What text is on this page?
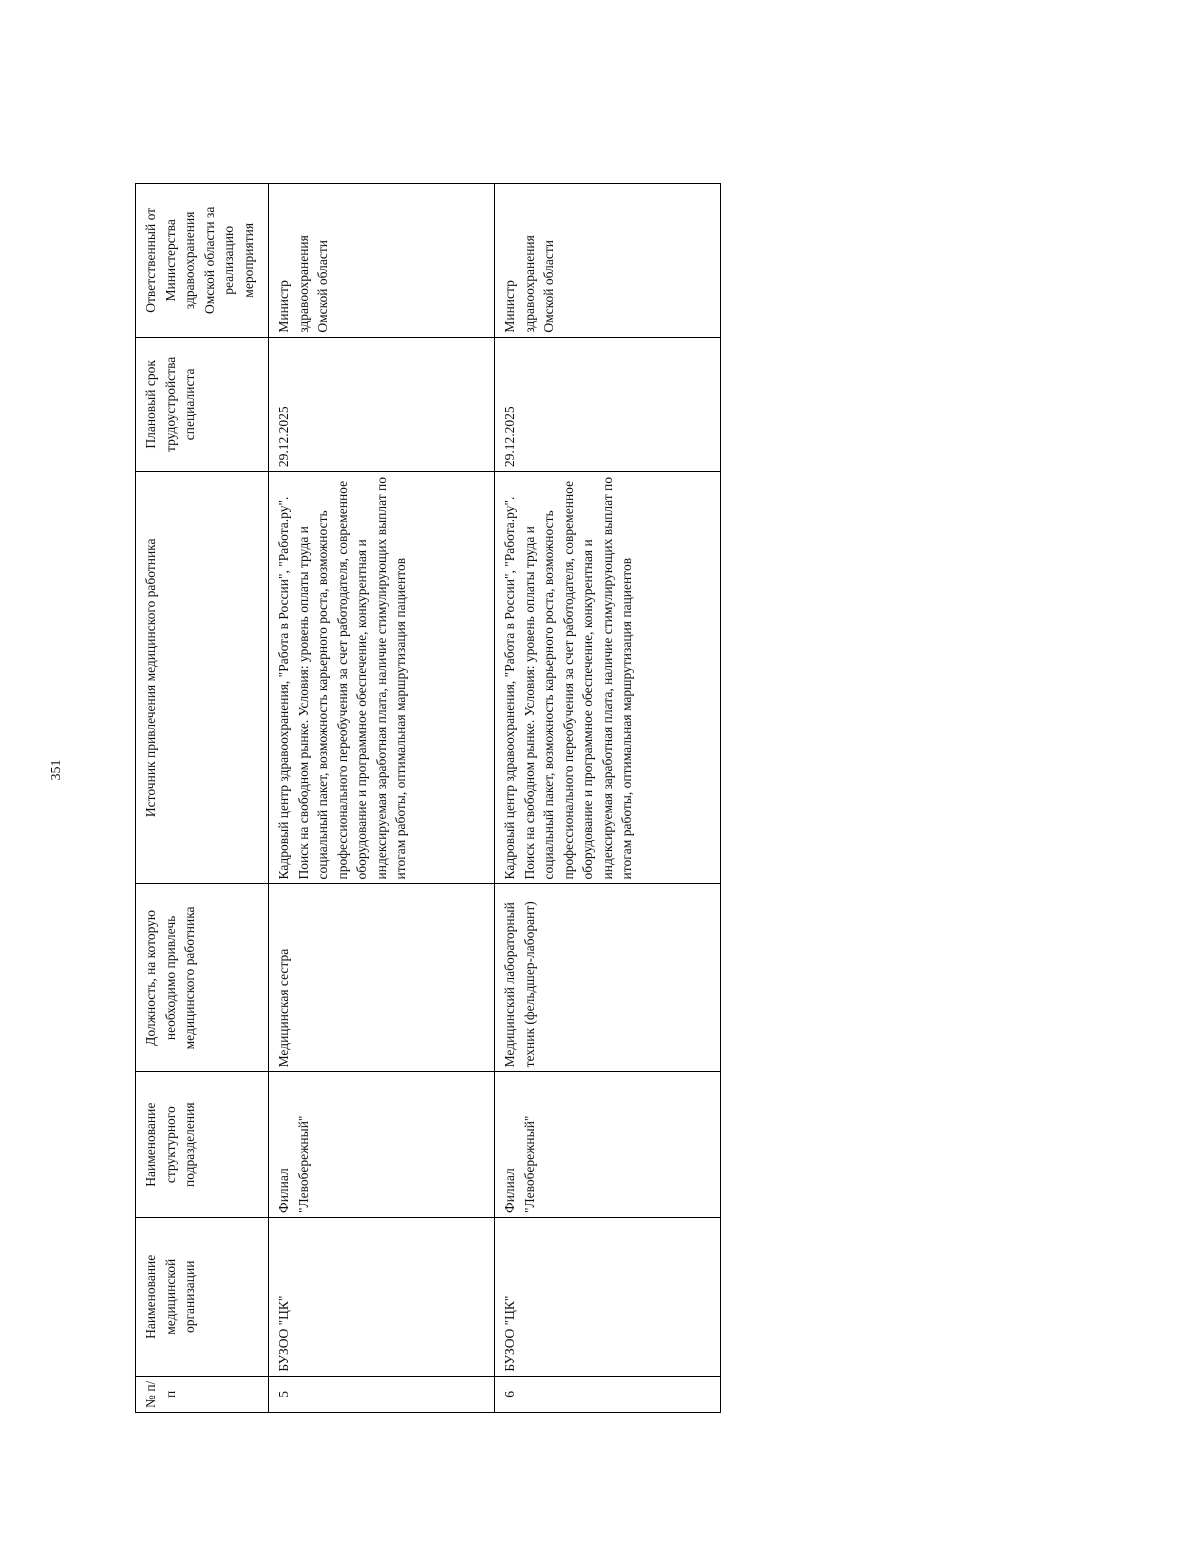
351
№ п/п	Наименование медицинской организации	Наименование структурного подразделения	Должность, на которую необходимо привлечь медицинского работника	Источник привлечения медицинского работника	Плановый срок трудоустройства специалиста	Ответственный от Министерства здравоохранения Омской области за реализацию мероприятия
5	БУЗОО "ЦК"	Филиал "Левобережный"	Медицинская сестра	Кадровый центр здравоохранения, "Работа в России", "Работа.ру". Поиск на свободном рынке. Условия: уровень оплаты труда и социальный пакет, возможность карьерного роста, возможность профессионального переобучения за счет работодателя, современное оборудование и программное обеспечение, конкурентная и индексируемая заработная плата, наличие стимулирующих выплат по итогам работы, оптимальная маршрутизация пациентов	29.12.2025	Министр здравоохранения Омской области
6	БУЗОО "ЦК"	Филиал "Левобережный"	Медицинский лабораторный техник (фельдшер-лаборант)	Кадровый центр здравоохранения, "Работа в России", "Работа.ру". Поиск на свободном рынке. Условия: уровень оплаты труда и социальный пакет, возможность карьерного роста, возможность профессионального переобучения за счет работодателя, современное оборудование и программное обеспечение, конкурентная и индексируемая заработная плата, наличие стимулирующих выплат по итогам работы, оптимальная маршрутизация пациентов	29.12.2025	Министр здравоохранения Омской области
